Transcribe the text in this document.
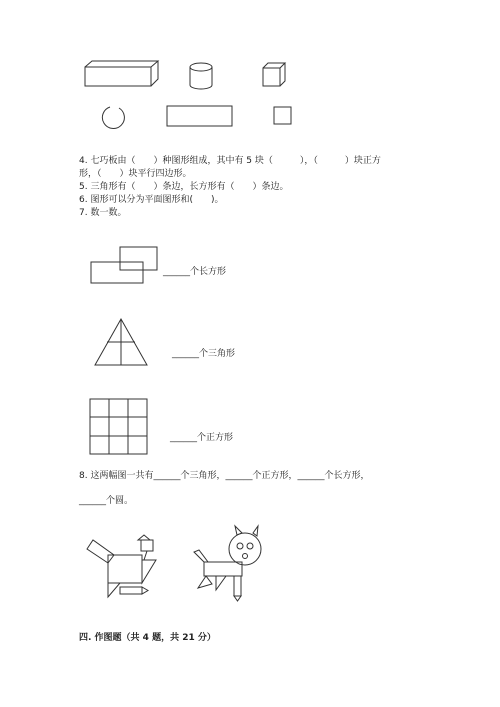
4. 七巧板由（　　）种图形组成，其中有 5 块（　　　），（　　　）块正方
形，（　　）块平行四边形。
5. 三角形有（　　）条边，长方形有（　　）条边。
6. 图形可以分为平面图形和(　　)。
7. 数一数。
______个长方形
______个三角形
______个正方形
8. 这两幅图一共有______个三角形，______个正方形，______个长方形，
______个圆。
四. 作图题（共 4 题，共 21 分）
